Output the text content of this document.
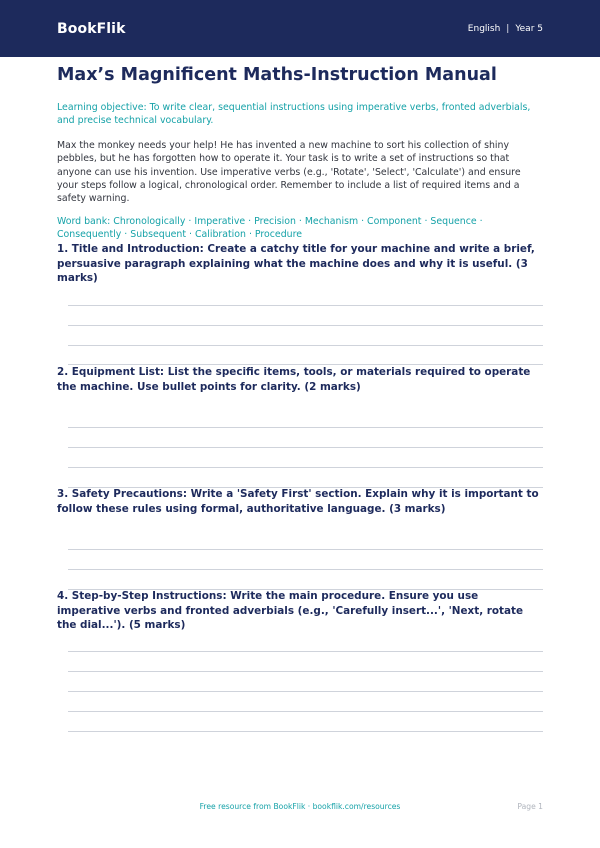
BookFlik	English | Year 5
Max’s Magnificent Maths-Instruction Manual

Learning objective: To write clear, sequential instructions using imperative verbs, fronted adverbials, and precise technical vocabulary.

Max the monkey needs your help! He has invented a new machine to sort his collection of shiny pebbles, but he has forgotten how to operate it. Your task is to write a set of instructions so that anyone can use his invention. Use imperative verbs (e.g., 'Rotate', 'Select', 'Calculate') and ensure your steps follow a logical, chronological order. Remember to include a list of required items and a safety warning.

Word bank: Chronologically · Imperative · Precision · Mechanism · Component · Sequence · Consequently · Subsequent · Calibration · Procedure

1. Title and Introduction: Create a catchy title for your machine and write a brief, persuasive paragraph explaining what the machine does and why it is useful. (3 marks)

2. Equipment List: List the specific items, tools, or materials required to operate the machine. Use bullet points for clarity. (2 marks)

3. Safety Precautions: Write a 'Safety First' section. Explain why it is important to follow these rules using formal, authoritative language. (3 marks)

4. Step-by-Step Instructions: Write the main procedure. Ensure you use imperative verbs and fronted adverbials (e.g., 'Carefully insert...', 'Next, rotate the dial...'). (5 marks)

Free resource from BookFlik · bookflik.com/resources	Page 1
